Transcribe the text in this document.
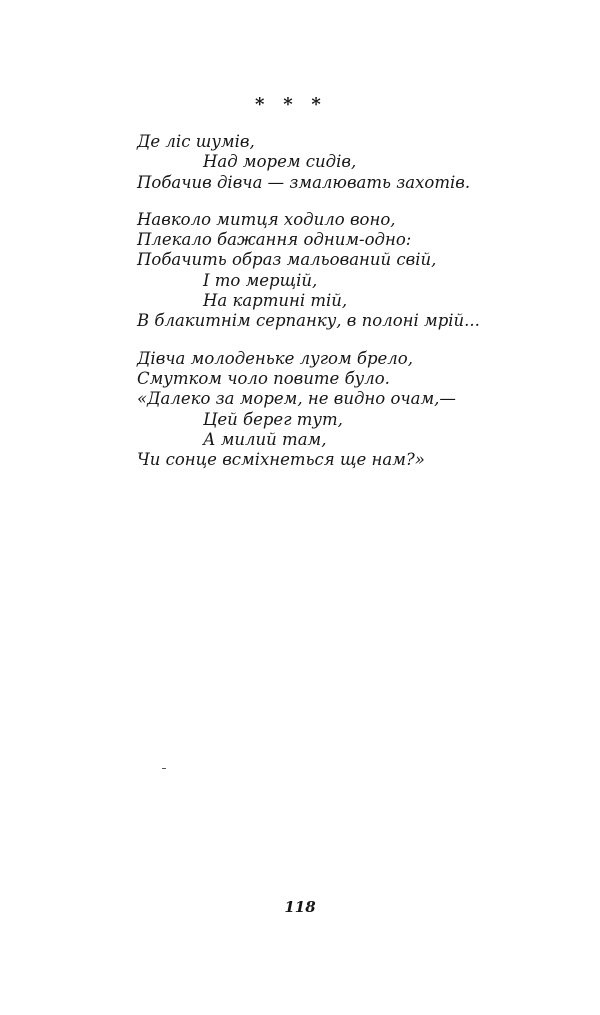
*   *   *
Де ліс шумів,
Над морем сидів,
Побачив дівча — змалювать захотів.
Навколо митця ходило воно,
Плекало бажання одним-одно:
Побачить образ мальований свій,
І то мерщій,
На картині тій,
В блакитнім серпанку, в полоні мрій...
Дівча молоденьке лугом брело,
Смутком чоло повите було.
«Далеко за морем, не видно очам,—
Цей берег тут,
А милий там,
Чи сонце всміхнеться ще нам?»
118
